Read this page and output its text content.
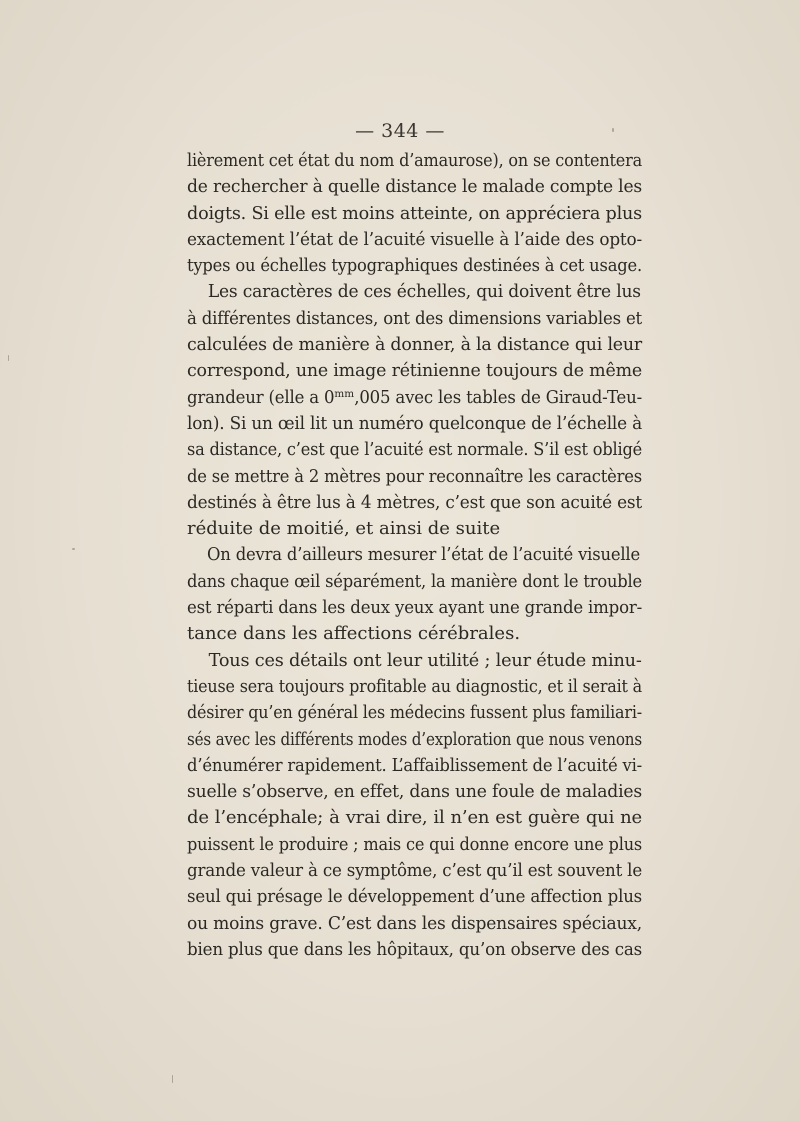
— 344 —
lièrement cet état du nom d’amaurose), on se contentera
de rechercher à quelle distance le malade compte les
doigts. Si elle est moins atteinte, on appréciera plus
exactement l’état de l’acuité visuelle à l’aide des opto-
types ou échelles typographiques destinées à cet usage.
Les caractères de ces échelles, qui doivent être lus
à différentes distances, ont des dimensions variables et
calculées de manière à donner, à la distance qui leur
correspond, une image rétinienne toujours de même
grandeur (elle a 0ᵐᵐ,005 avec les tables de Giraud-Teu-
lon). Si un œil lit un numéro quelconque de l’échelle à
sa distance, c’est que l’acuité est normale. S’il est obligé
de se mettre à 2 mètres pour reconnaître les caractères
destinés à être lus à 4 mètres, c’est que son acuité est
réduite de moitié, et ainsi de suite
On devra d’ailleurs mesurer l’état de l’acuité visuelle
dans chaque œil séparément, la manière dont le trouble
est réparti dans les deux yeux ayant une grande impor-
tance dans les affections cérébrales.
Tous ces détails ont leur utilité ; leur étude minu-
tieuse sera toujours profitable au diagnostic, et il serait à
désirer qu’en général les médecins fussent plus familiari-
sés avec les différents modes d’exploration que nous venons
d’énumérer rapidement. L’affaiblissement de l’acuité vi-
suelle s’observe, en effet, dans une foule de maladies
de l’encéphale; à vrai dire, il n’en est guère qui ne
puissent le produire ; mais ce qui donne encore une plus
grande valeur à ce symptôme, c’est qu’il est souvent le
seul qui présage le développement d’une affection plus
ou moins grave. C’est dans les dispensaires spéciaux,
bien plus que dans les hôpitaux, qu’on observe des cas
